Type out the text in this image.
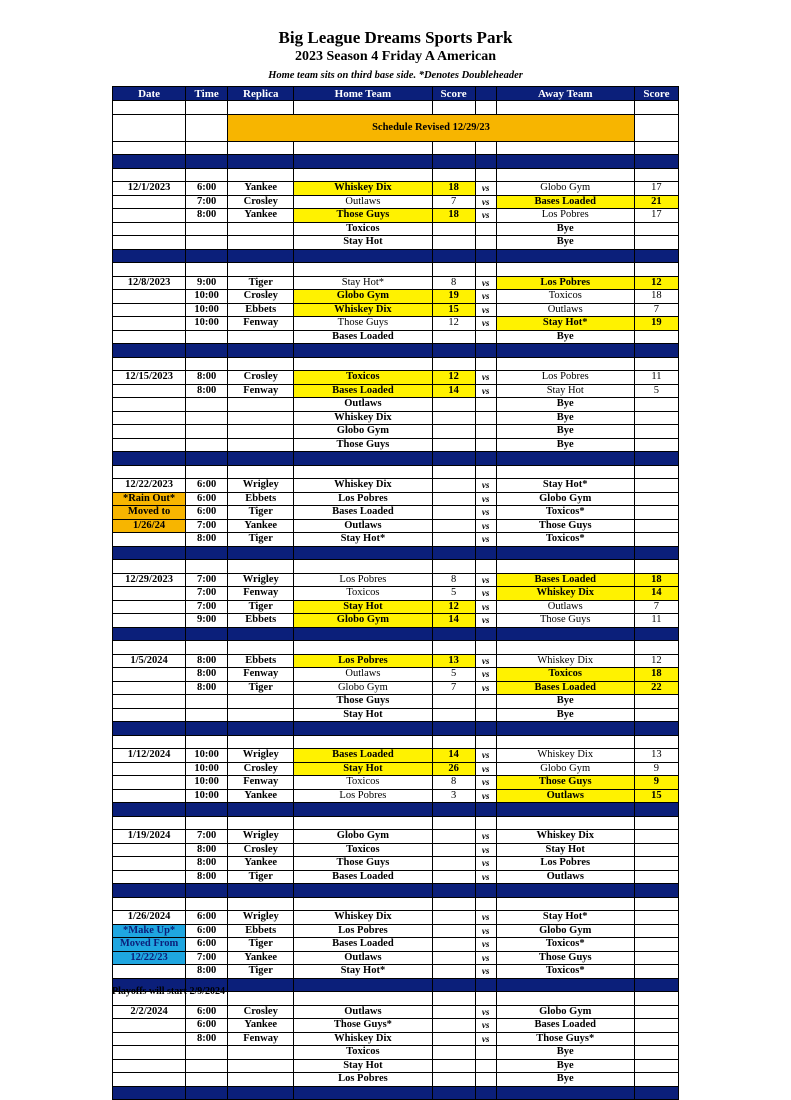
Big League Dreams Sports Park
2023 Season 4 Friday A American
Home team sits on third base side. *Denotes Doubleheader
Date	Time	Replica	Home Team	Score		Away Team	Score

		Schedule Revised 12/29/23					

12/1/2023	6:00	Yankee	Whiskey Dix	18	vs	Globo Gym	17
	7:00	Crosley	Outlaws	7	vs	Bases Loaded	21
	8:00	Yankee	Those Guys	18	vs	Los Pobres	17
			Toxicos			Bye	
			Stay Hot			Bye	

12/8/2023	9:00	Tiger	Stay Hot*	8	vs	Los Pobres	12
	10:00	Crosley	Globo Gym	19	vs	Toxicos	18
	10:00	Ebbets	Whiskey Dix	15	vs	Outlaws	7
	10:00	Fenway	Those Guys	12	vs	Stay Hot*	19
			Bases Loaded			Bye	

12/15/2023	8:00	Crosley	Toxicos	12	vs	Los Pobres	11
	8:00	Fenway	Bases Loaded	14	vs	Stay Hot	5
			Outlaws			Bye	
			Whiskey Dix			Bye	
			Globo Gym			Bye	
			Those Guys			Bye	

12/22/2023	6:00	Wrigley	Whiskey Dix		vs	Stay Hot*	
*Rain Out*	6:00	Ebbets	Los Pobres		vs	Globo Gym	
Moved to	6:00	Tiger	Bases Loaded		vs	Toxicos*	
1/26/24	7:00	Yankee	Outlaws		vs	Those Guys	
	8:00	Tiger	Stay Hot*		vs	Toxicos*	

12/29/2023	7:00	Wrigley	Los Pobres	8	vs	Bases Loaded	18
	7:00	Fenway	Toxicos	5	vs	Whiskey Dix	14
	7:00	Tiger	Stay Hot	12	vs	Outlaws	7
	9:00	Ebbets	Globo Gym	14	vs	Those Guys	11

1/5/2024	8:00	Ebbets	Los Pobres	13	vs	Whiskey Dix	12
	8:00	Fenway	Outlaws	5	vs	Toxicos	18
	8:00	Tiger	Globo Gym	7	vs	Bases Loaded	22
			Those Guys			Bye	
			Stay Hot			Bye	

1/12/2024	10:00	Wrigley	Bases Loaded	14	vs	Whiskey Dix	13
	10:00	Crosley	Stay Hot	26	vs	Globo Gym	9
	10:00	Fenway	Toxicos	8	vs	Those Guys	9
	10:00	Yankee	Los Pobres	3	vs	Outlaws	15

1/19/2024	7:00	Wrigley	Globo Gym		vs	Whiskey Dix	
	8:00	Crosley	Toxicos		vs	Stay Hot	
	8:00	Yankee	Those Guys		vs	Los Pobres	
	8:00	Tiger	Bases Loaded		vs	Outlaws	

1/26/2024	6:00	Wrigley	Whiskey Dix		vs	Stay Hot*	
*Make Up*	6:00	Ebbets	Los Pobres		vs	Globo Gym	
Moved From	6:00	Tiger	Bases Loaded		vs	Toxicos*	
12/22/23	7:00	Yankee	Outlaws		vs	Those Guys	
	8:00	Tiger	Stay Hot*		vs	Toxicos*	

2/2/2024	6:00	Crosley	Outlaws		vs	Globo Gym	
	6:00	Yankee	Those Guys*		vs	Bases Loaded	
	8:00	Fenway	Whiskey Dix		vs	Those Guys*	
			Toxicos			Bye	
			Stay Hot			Bye	
			Los Pobres			Bye	

Playoffs will start 2/9/2024
